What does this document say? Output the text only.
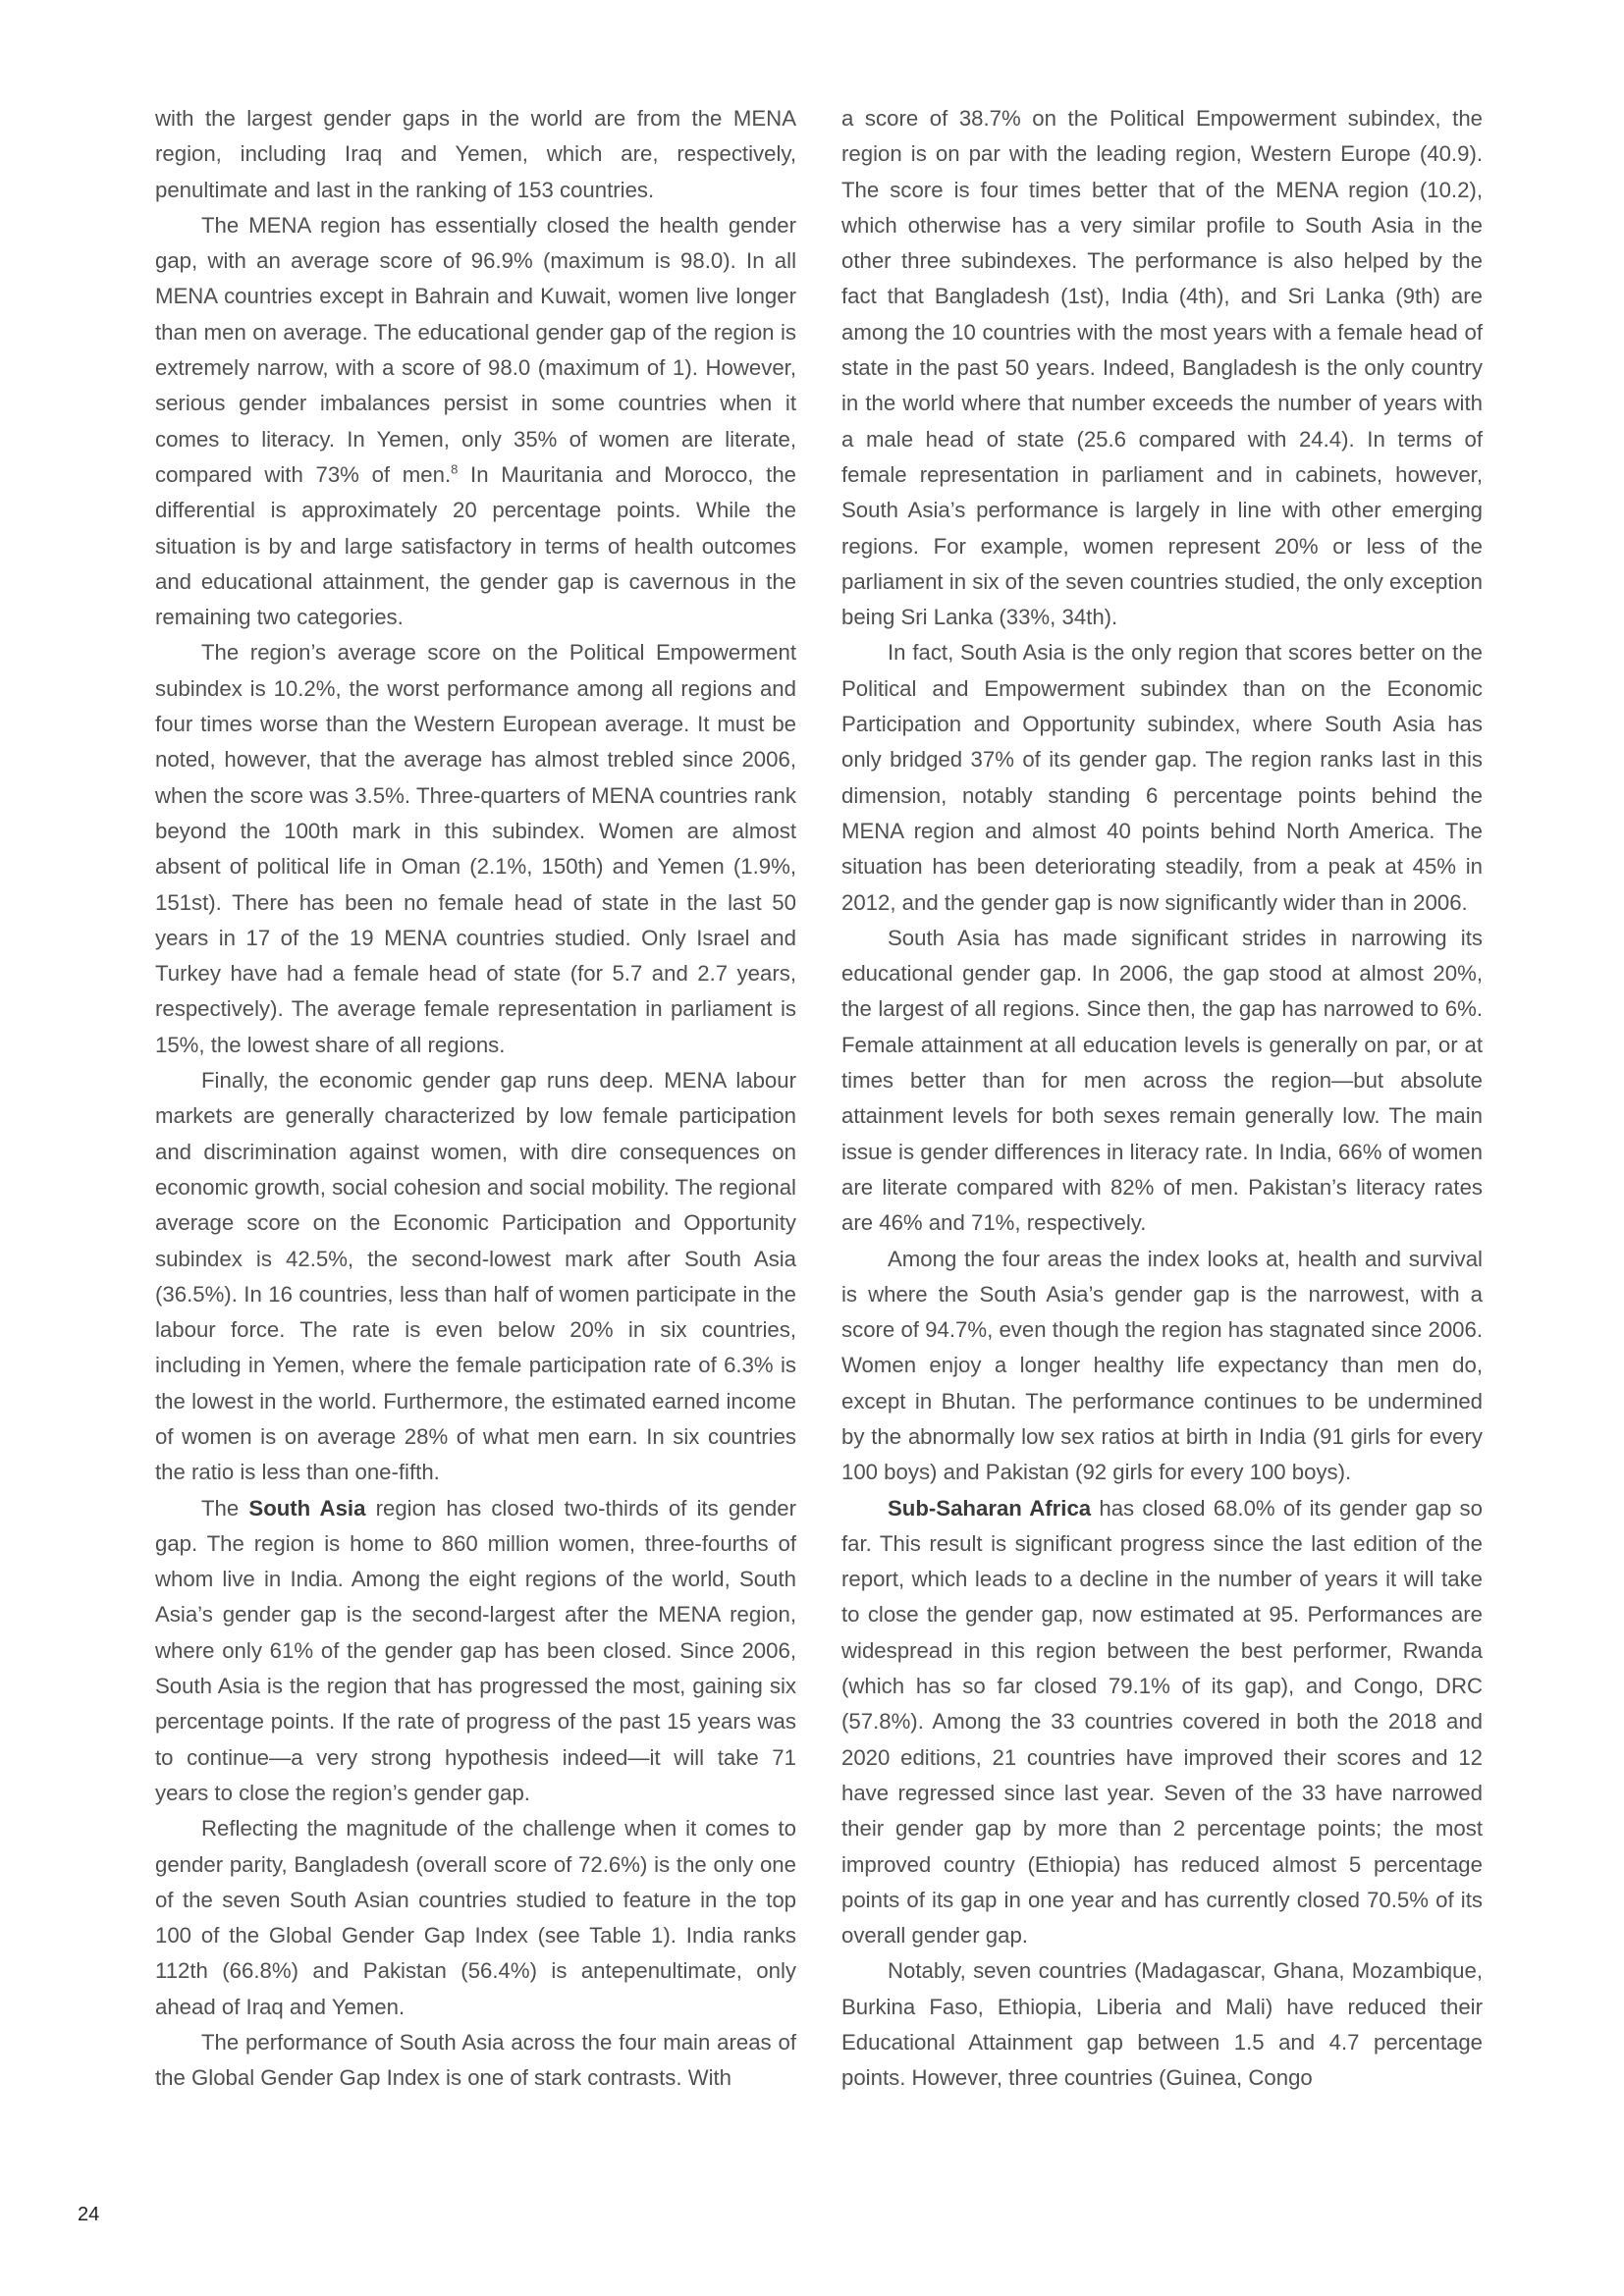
with the largest gender gaps in the world are from the MENA region, including Iraq and Yemen, which are, respectively, penultimate and last in the ranking of 153 countries.

The MENA region has essentially closed the health gender gap, with an average score of 96.9% (maximum is 98.0). In all MENA countries except in Bahrain and Kuwait, women live longer than men on average. The educational gender gap of the region is extremely narrow, with a score of 98.0 (maximum of 1). However, serious gender imbalances persist in some countries when it comes to literacy. In Yemen, only 35% of women are literate, compared with 73% of men.$^8$ In Mauritania and Morocco, the differential is approximately 20 percentage points. While the situation is by and large satisfactory in terms of health outcomes and educational attainment, the gender gap is cavernous in the remaining two categories.

The region’s average score on the Political Empowerment subindex is 10.2%, the worst performance among all regions and four times worse than the Western European average. It must be noted, however, that the average has almost trebled since 2006, when the score was 3.5%. Three-quarters of MENA countries rank beyond the 100th mark in this subindex. Women are almost absent of political life in Oman (2.1%, 150th) and Yemen (1.9%, 151st). There has been no female head of state in the last 50 years in 17 of the 19 MENA countries studied. Only Israel and Turkey have had a female head of state (for 5.7 and 2.7 years, respectively). The average female representation in parliament is 15%, the lowest share of all regions.

Finally, the economic gender gap runs deep. MENA labour markets are generally characterized by low female participation and discrimination against women, with dire consequences on economic growth, social cohesion and social mobility. The regional average score on the Economic Participation and Opportunity subindex is 42.5%, the second-lowest mark after South Asia (36.5%). In 16 countries, less than half of women participate in the labour force. The rate is even below 20% in six countries, including in Yemen, where the female participation rate of 6.3% is the lowest in the world. Furthermore, the estimated earned income of women is on average 28% of what men earn. In six countries the ratio is less than one-fifth.

The South Asia region has closed two-thirds of its gender gap. The region is home to 860 million women, three-fourths of whom live in India. Among the eight regions of the world, South Asia’s gender gap is the second-largest after the MENA region, where only 61% of the gender gap has been closed. Since 2006, South Asia is the region that has progressed the most, gaining six percentage points. If the rate of progress of the past 15 years was to continue—a very strong hypothesis indeed—it will take 71 years to close the region’s gender gap.

Reflecting the magnitude of the challenge when it comes to gender parity, Bangladesh (overall score of 72.6%) is the only one of the seven South Asian countries studied to feature in the top 100 of the Global Gender Gap Index (see Table 1). India ranks 112th (66.8%) and Pakistan (56.4%) is antepenultimate, only ahead of Iraq and Yemen.

The performance of South Asia across the four main areas of the Global Gender Gap Index is one of stark contrasts. With

a score of 38.7% on the Political Empowerment subindex, the region is on par with the leading region, Western Europe (40.9). The score is four times better that of the MENA region (10.2), which otherwise has a very similar profile to South Asia in the other three subindexes. The performance is also helped by the fact that Bangladesh (1st), India (4th), and Sri Lanka (9th) are among the 10 countries with the most years with a female head of state in the past 50 years. Indeed, Bangladesh is the only country in the world where that number exceeds the number of years with a male head of state (25.6 compared with 24.4). In terms of female representation in parliament and in cabinets, however, South Asia’s performance is largely in line with other emerging regions. For example, women represent 20% or less of the parliament in six of the seven countries studied, the only exception being Sri Lanka (33%, 34th).

In fact, South Asia is the only region that scores better on the Political and Empowerment subindex than on the Economic Participation and Opportunity subindex, where South Asia has only bridged 37% of its gender gap. The region ranks last in this dimension, notably standing 6 percentage points behind the MENA region and almost 40 points behind North America. The situation has been deteriorating steadily, from a peak at 45% in 2012, and the gender gap is now significantly wider than in 2006.

South Asia has made significant strides in narrowing its educational gender gap. In 2006, the gap stood at almost 20%, the largest of all regions. Since then, the gap has narrowed to 6%. Female attainment at all education levels is generally on par, or at times better than for men across the region—but absolute attainment levels for both sexes remain generally low. The main issue is gender differences in literacy rate. In India, 66% of women are literate compared with 82% of men. Pakistan’s literacy rates are 46% and 71%, respectively.

Among the four areas the index looks at, health and survival is where the South Asia’s gender gap is the narrowest, with a score of 94.7%, even though the region has stagnated since 2006. Women enjoy a longer healthy life expectancy than men do, except in Bhutan. The performance continues to be undermined by the abnormally low sex ratios at birth in India (91 girls for every 100 boys) and Pakistan (92 girls for every 100 boys).

Sub-Saharan Africa has closed 68.0% of its gender gap so far. This result is significant progress since the last edition of the report, which leads to a decline in the number of years it will take to close the gender gap, now estimated at 95. Performances are widespread in this region between the best performer, Rwanda (which has so far closed 79.1% of its gap), and Congo, DRC (57.8%). Among the 33 countries covered in both the 2018 and 2020 editions, 21 countries have improved their scores and 12 have regressed since last year. Seven of the 33 have narrowed their gender gap by more than 2 percentage points; the most improved country (Ethiopia) has reduced almost 5 percentage points of its gap in one year and has currently closed 70.5% of its overall gender gap.

Notably, seven countries (Madagascar, Ghana, Mozambique, Burkina Faso, Ethiopia, Liberia and Mali) have reduced their Educational Attainment gap between 1.5 and 4.7 percentage points. However, three countries (Guinea, Congo

24
